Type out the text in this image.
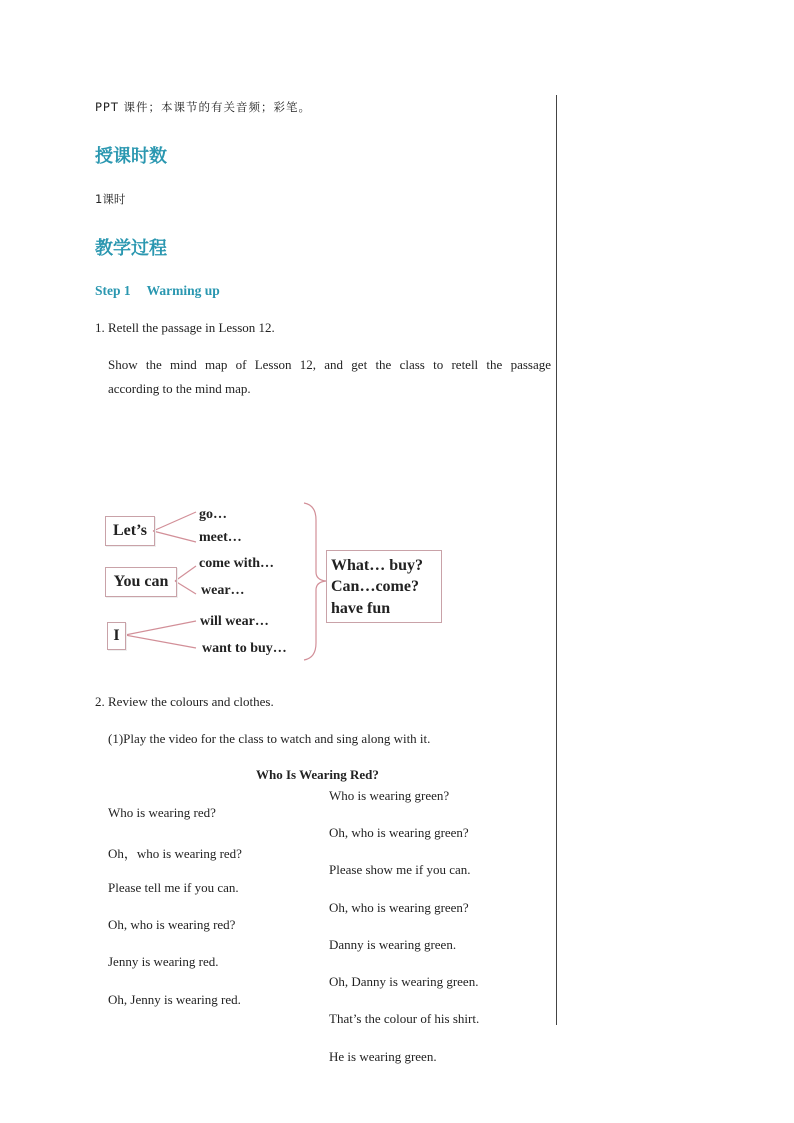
PPT 课件；本课节的有关音频；彩笔。
授课时数
1课时
教学过程
Step 1 Warming up
1. Retell the passage in Lesson 12.
Show the mind map of Lesson 12, and get the class to retell the passage
according to the mind map.
Let’s
You can
I
go…
meet…
come with…
wear…
will wear…
want to buy…
What… buy?
Can…come?
have fun
2. Review the colours and clothes.
(1)Play the video for the class to watch and sing along with it.
Who Is Wearing Red?
Who is wearing red?
Oh，who is wearing red?
Please tell me if you can.
Oh, who is wearing red?
Jenny is wearing red.
Oh, Jenny is wearing red.
Who is wearing green?
Oh, who is wearing green?
Please show me if you can.
Oh, who is wearing green?
Danny is wearing green.
Oh, Danny is wearing green.
That’s the colour of his shirt.
He is wearing green.
